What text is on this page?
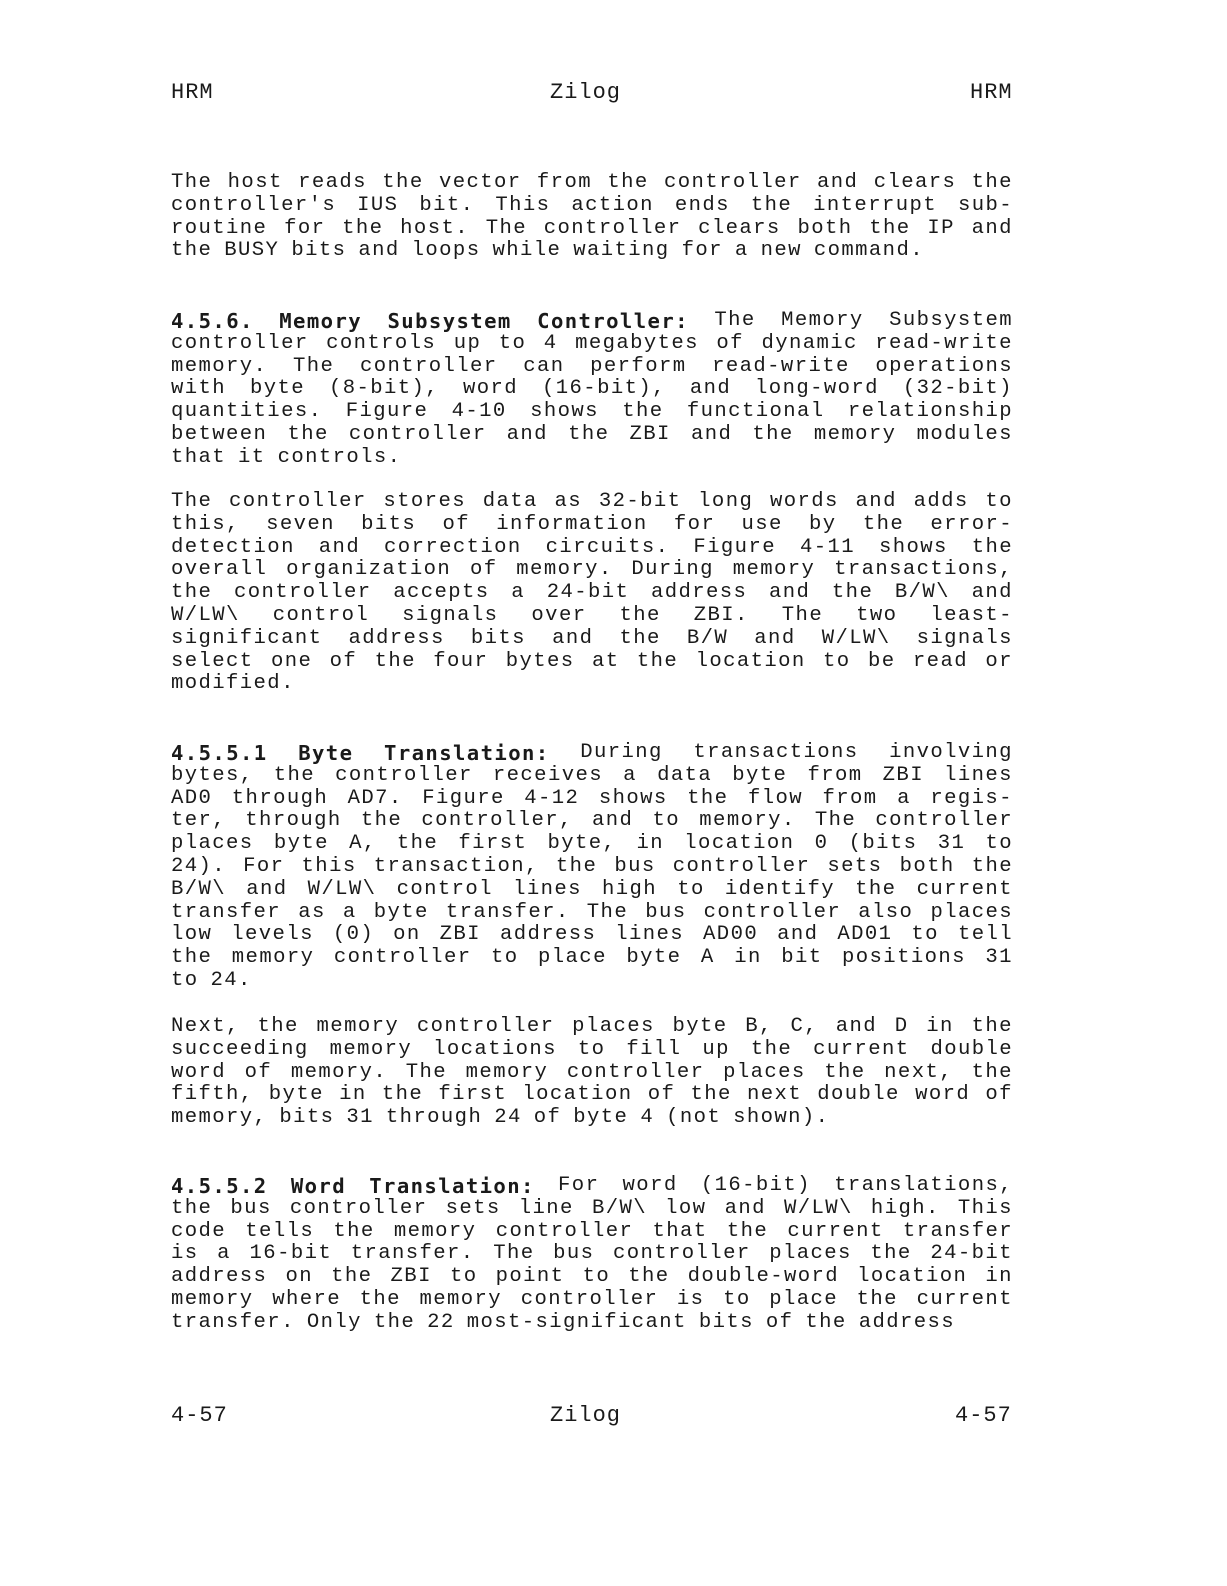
HRM	Zilog	HRM
The host reads the vector from the controller and clears the
controller's IUS bit. This action ends the interrupt sub-
routine for the host. The controller clears both the IP and
the BUSY bits and loops while waiting for a new command.
4.5.6. Memory Subsystem Controller: The Memory Subsystem
controller controls up to 4 megabytes of dynamic read-write
memory. The controller can perform read-write operations
with byte (8-bit), word (16-bit), and long-word (32-bit)
quantities. Figure 4-10 shows the functional relationship
between the controller and the ZBI and the memory modules
that it controls.
The controller stores data as 32-bit long words and adds to
this, seven bits of information for use by the error-
detection and correction circuits. Figure 4-11 shows the
overall organization of memory. During memory transactions,
the controller accepts a 24-bit address and the B/W\ and
W/LW\ control signals over the ZBI. The two least-
significant address bits and the B/W and W/LW\ signals
select one of the four bytes at the location to be read or
modified.
4.5.5.1 Byte Translation: During transactions involving
bytes, the controller receives a data byte from ZBI lines
AD0 through AD7. Figure 4-12 shows the flow from a regis-
ter, through the controller, and to memory. The controller
places byte A, the first byte, in location 0 (bits 31 to
24). For this transaction, the bus controller sets both the
B/W\ and W/LW\ control lines high to identify the current
transfer as a byte transfer. The bus controller also places
low levels (0) on ZBI address lines AD00 and AD01 to tell
the memory controller to place byte A in bit positions 31
to 24.
Next, the memory controller places byte B, C, and D in the
succeeding memory locations to fill up the current double
word of memory. The memory controller places the next, the
fifth, byte in the first location of the next double word of
memory, bits 31 through 24 of byte 4 (not shown).
4.5.5.2 Word Translation: For word (16-bit) translations,
the bus controller sets line B/W\ low and W/LW\ high. This
code tells the memory controller that the current transfer
is a 16-bit transfer. The bus controller places the 24-bit
address on the ZBI to point to the double-word location in
memory where the memory controller is to place the current
transfer. Only the 22 most-significant bits of the address
4-57	Zilog	4-57
